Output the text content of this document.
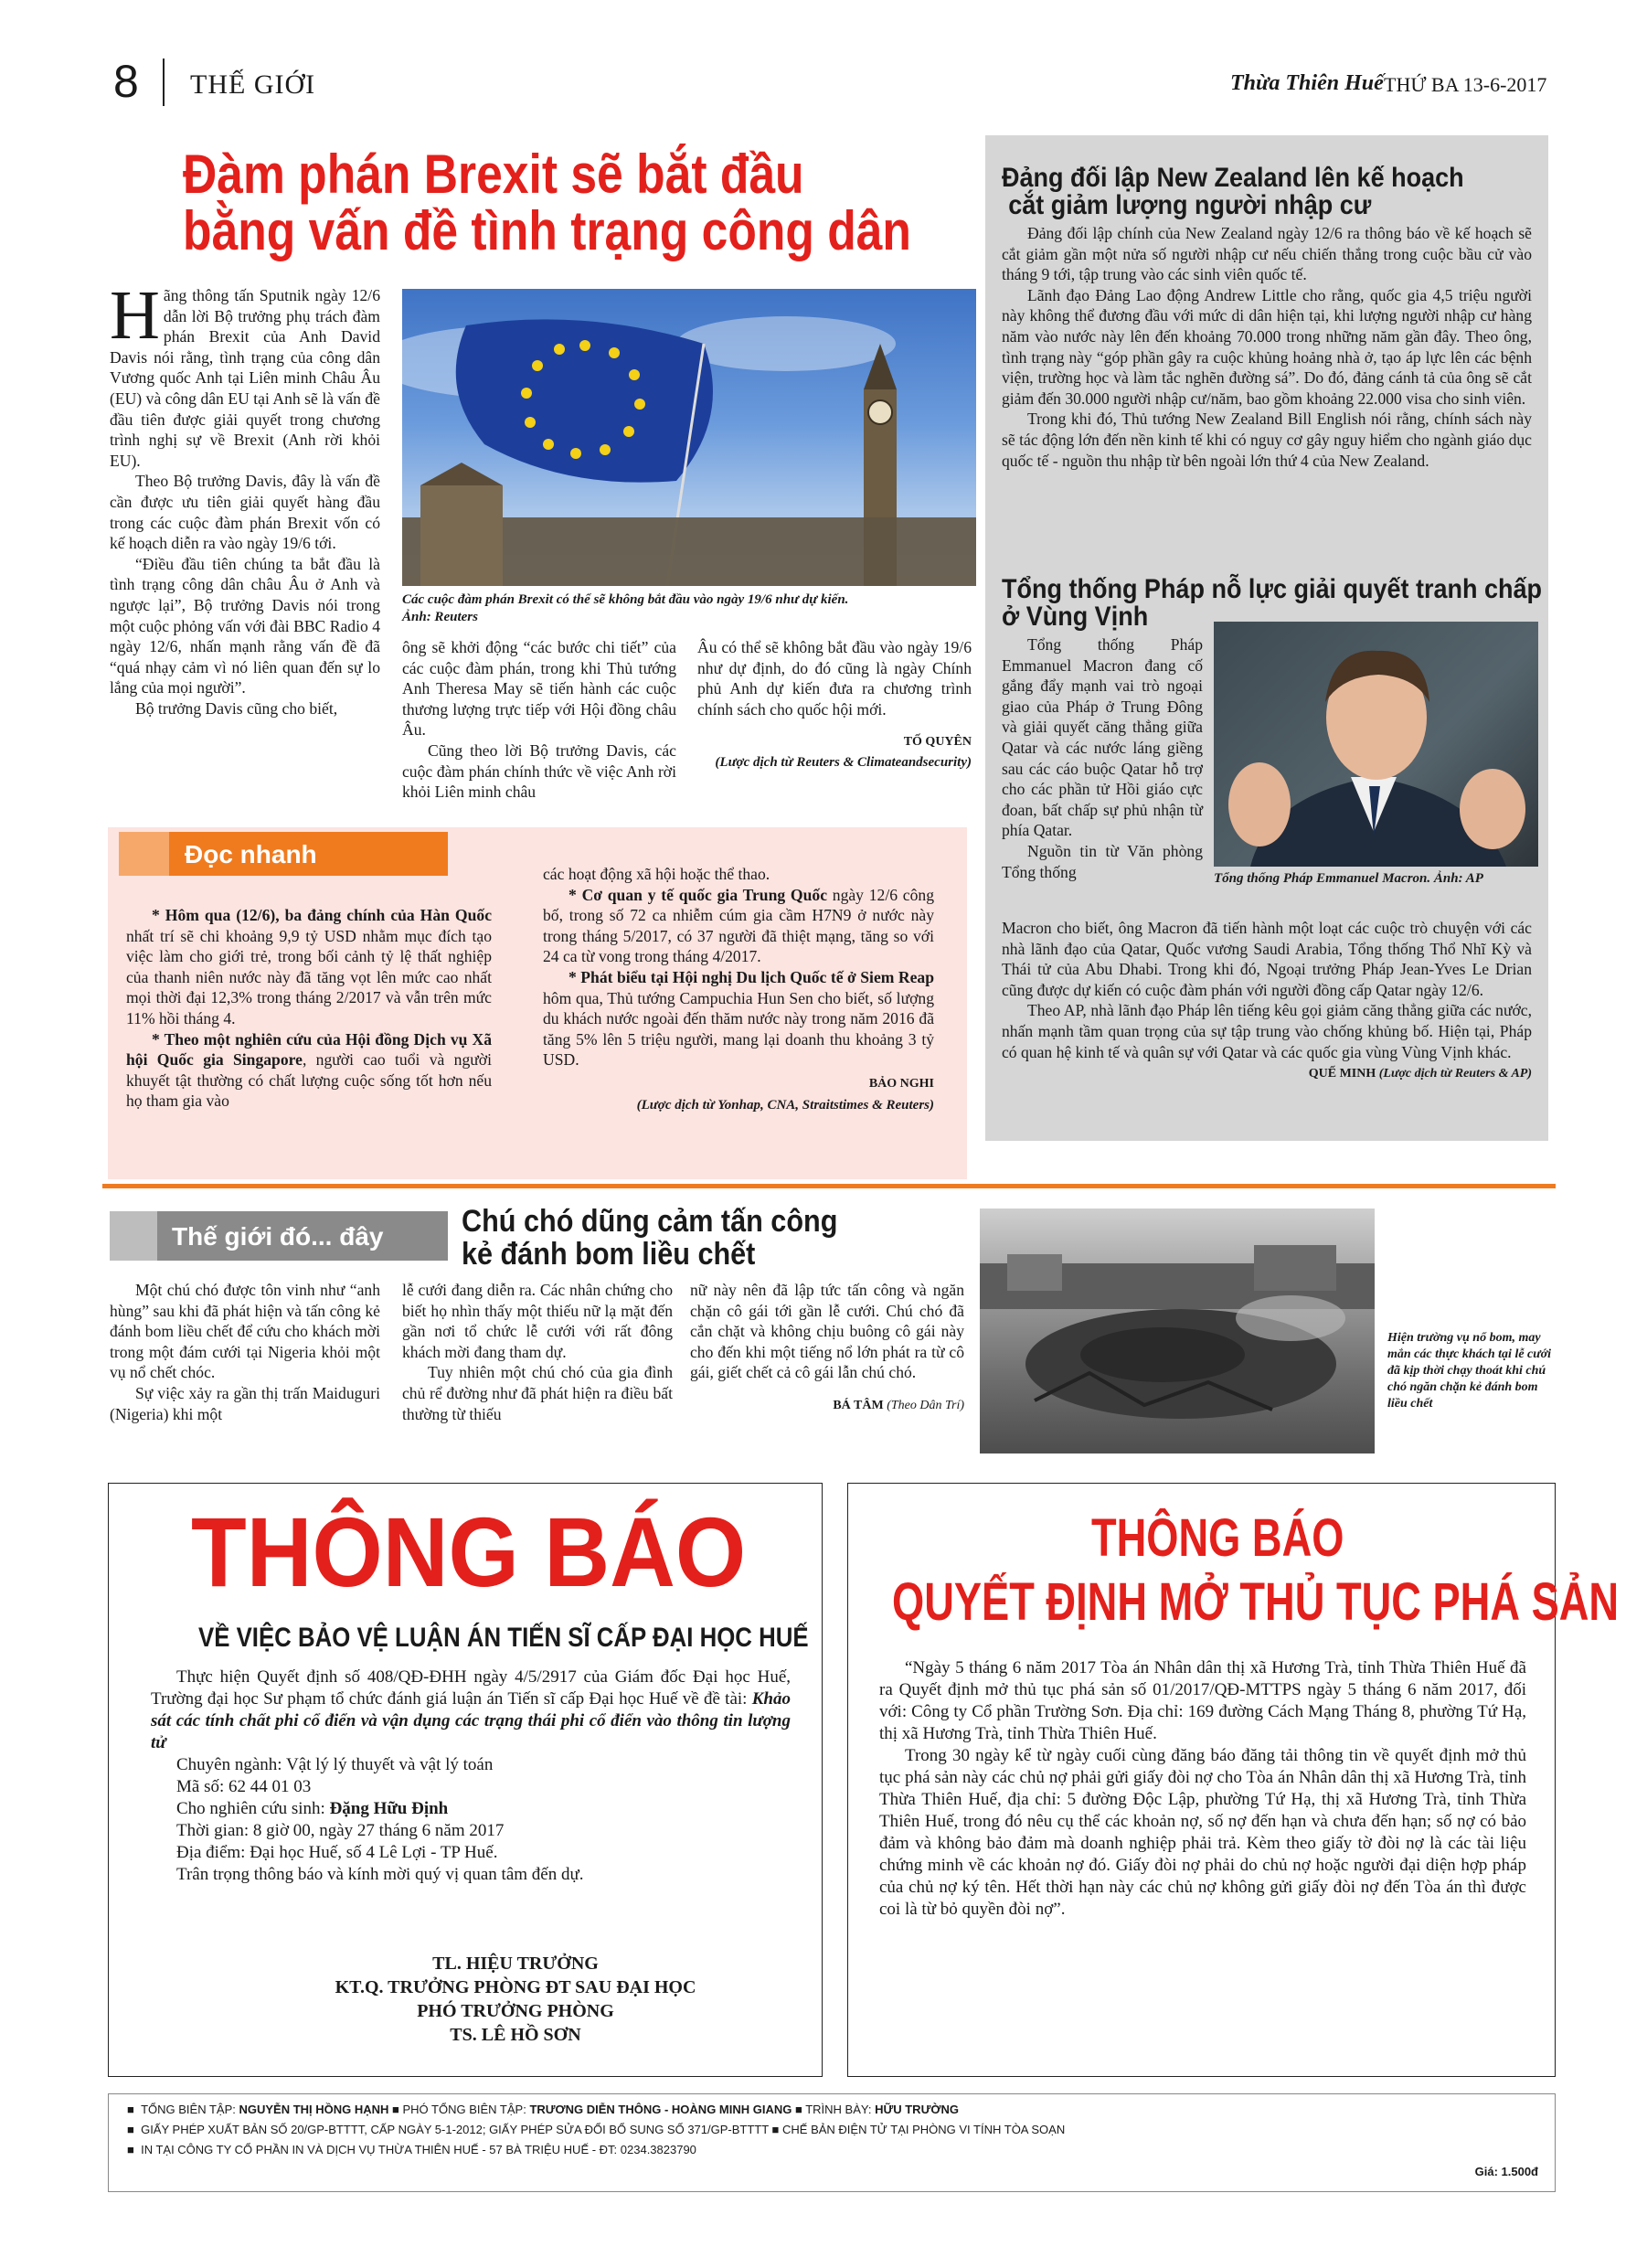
8 THẾ GIỚI	Thừa Thiên Huế THỨ BA 13-6-2017
Đàm phán Brexit sẽ bắt đầu
bằng vấn đề tình trạng công dân

Hãng thông tấn Sputnik ngày 12/6 dẫn lời Bộ trưởng phụ trách đàm phán Brexit của Anh David Davis nói rằng, tình trạng của công dân Vương quốc Anh tại Liên minh Châu Âu (EU) và công dân EU tại Anh sẽ là vấn đề đầu tiên được giải quyết trong chương trình nghị sự về Brexit (Anh rời khỏi EU).

Theo Bộ trưởng Davis, đây là vấn đề cần được ưu tiên giải quyết hàng đầu trong các cuộc đàm phán Brexit vốn có kế hoạch diễn ra vào ngày 19/6 tới.

“Điều đầu tiên chúng ta bắt đầu là tình trạng công dân châu Âu ở Anh và ngược lại”, Bộ trưởng Davis nói trong một cuộc phỏng vấn với đài BBC Radio 4 ngày 12/6, nhấn mạnh rằng vấn đề đã “quá nhạy cảm vì nó liên quan đến sự lo lắng của mọi người”.

Bộ trưởng Davis cũng cho biết,

Các cuộc đàm phán Brexit có thể sẽ không bắt đầu vào ngày 19/6 như dự kiến. Ảnh: Reuters

ông sẽ khởi động “các bước chi tiết” của các cuộc đàm phán, trong khi Thủ tướng Anh Theresa May sẽ tiến hành các cuộc thương lượng trực tiếp với Hội đồng châu Âu.

Cũng theo lời Bộ trưởng Davis, các cuộc đàm phán chính thức về việc Anh rời khỏi Liên minh châu

Âu có thể sẽ không bắt đầu vào ngày 19/6 như dự định, do đó cũng là ngày Chính phủ Anh dự kiến đưa ra chương trình chính sách cho quốc hội mới.

TỐ QUYÊN
(Lược dịch từ Reuters & Climateandsecurity)
Đảng đối lập New Zealand lên kế hoạch
cắt giảm lượng người nhập cư

Đảng đối lập chính của New Zealand ngày 12/6 ra thông báo về kế hoạch sẽ cắt giảm gần một nửa số người nhập cư nếu chiến thắng trong cuộc bầu cử vào tháng 9 tới, tập trung vào các sinh viên quốc tế.

Lãnh đạo Đảng Lao động Andrew Little cho rằng, quốc gia 4,5 triệu người này không thể đương đầu với mức di dân hiện tại, khi lượng người nhập cư hàng năm vào nước này lên đến khoảng 70.000 trong những năm gần đây. Theo ông, tình trạng này “góp phần gây ra cuộc khủng hoảng nhà ở, tạo áp lực lên các bệnh viện, trường học và làm tắc nghẽn đường sá”. Do đó, đảng cánh tả của ông sẽ cắt giảm đến 30.000 người nhập cư/năm, bao gồm khoảng 22.000 visa cho sinh viên.

Trong khi đó, Thủ tướng New Zealand Bill English nói rằng, chính sách này sẽ tác động lớn đến nền kinh tế khi có nguy cơ gây nguy hiểm cho ngành giáo dục quốc tế - nguồn thu nhập từ bên ngoài lớn thứ 4 của New Zealand.

Tổng thống Pháp nỗ lực giải quyết tranh chấp
ở Vùng Vịnh

Tổng thống Pháp Emmanuel Macron đang cố gắng đẩy mạnh vai trò ngoại giao của Pháp ở Trung Đông và giải quyết căng thẳng giữa Qatar và các nước láng giềng sau các cáo buộc Qatar hỗ trợ cho các phần tử Hồi giáo cực đoan, bất chấp sự phủ nhận từ phía Qatar.

Nguồn tin từ Văn phòng Tổng thống	Tổng thống Pháp Emmanuel Macron. Ảnh: AP

Macron cho biết, ông Macron đã tiến hành một loạt các cuộc trò chuyện với các nhà lãnh đạo của Qatar, Quốc vương Saudi Arabia, Tổng thống Thổ Nhĩ Kỳ và Thái tử của Abu Dhabi. Trong khi đó, Ngoại trưởng Pháp Jean-Yves Le Drian cũng được dự kiến có cuộc đàm phán với người đồng cấp Qatar ngày 12/6.

Theo AP, nhà lãnh đạo Pháp lên tiếng kêu gọi giảm căng thẳng giữa các nước, nhấn mạnh tầm quan trọng của sự tập trung vào chống khủng bố. Hiện tại, Pháp có quan hệ kinh tế và quân sự với Qatar và các quốc gia vùng Vùng Vịnh khác.

QUẾ MINH (Lược dịch từ Reuters & AP)
Đọc nhanh

* Hôm qua (12/6), ba đảng chính của Hàn Quốc nhất trí sẽ chi khoảng 9,9 tỷ USD nhằm mục đích tạo việc làm cho giới trẻ, trong bối cảnh tỷ lệ thất nghiệp của thanh niên nước này đã tăng vọt lên mức cao nhất mọi thời đại 12,3% trong tháng 2/2017 và vẫn trên mức 11% hồi tháng 4.

* Theo một nghiên cứu của Hội đồng Dịch vụ Xã hội Quốc gia Singapore, người cao tuổi và người khuyết tật thường có chất lượng cuộc sống tốt hơn nếu họ tham gia vào

các hoạt động xã hội hoặc thể thao.

* Cơ quan y tế quốc gia Trung Quốc ngày 12/6 công bố, trong số 72 ca nhiễm cúm gia cầm H7N9 ở nước này trong tháng 5/2017, có 37 người đã thiệt mạng, tăng so với 24 ca từ vong trong tháng 4/2017.

* Phát biểu tại Hội nghị Du lịch Quốc tế ở Siem Reap hôm qua, Thủ tướng Campuchia Hun Sen cho biết, số lượng du khách nước ngoài đến thăm nước này trong năm 2016 đã tăng 5% lên 5 triệu người, mang lại doanh thu khoảng 3 tỷ USD.

BẢO NGHI
(Lược dịch từ Yonhap, CNA, Straitstimes & Reuters)
Thế giới đó... đây	Chú chó dũng cảm tấn công
kẻ đánh bom liều chết

Một chú chó được tôn vinh như “anh hùng” sau khi đã phát hiện và tấn công kẻ đánh bom liều chết để cứu cho khách mời trong một đám cưới tại Nigeria khỏi một vụ nổ chết chóc.

Sự việc xảy ra gần thị trấn Maiduguri (Nigeria) khi một

lễ cưới đang diễn ra. Các nhân chứng cho biết họ nhìn thấy một thiếu nữ lạ mặt đến gần nơi tổ chức lễ cưới với rất đông khách mời đang tham dự.

Tuy nhiên một chú chó của gia đình chủ rể đường như đã phát hiện ra điều bất thường từ thiếu

nữ này nên đã lập tức tấn công và ngăn chặn cô gái tới gần lễ cưới. Chú chó đã cắn chặt và không chịu buông cô gái này cho đến khi một tiếng nổ lớn phát ra từ cô gái, giết chết cả cô gái lẫn chú chó.

BÁ TÂM (Theo Dân Trí)
Hiện trường vụ nổ bom, may mắn các thực khách tại lễ cưới đã kịp thời chạy thoát khi chú chó ngăn chặn kẻ đánh bom liều chết
THÔNG BÁO
VỀ VIỆC BẢO VỆ LUẬN ÁN TIẾN SĨ CẤP ĐẠI HỌC HUẾ

Thực hiện Quyết định số 408/QĐ-ĐHH ngày 4/5/2917 của Giám đốc Đại học Huế, Trường đại học Sư phạm tổ chức đánh giá luận án Tiến sĩ cấp Đại học Huế về đề tài: Khảo sát các tính chất phi cổ điển và vận dụng các trạng thái phi cổ điển vào thông tin lượng tử

Chuyên ngành: Vật lý lý thuyết và vật lý toán

Mã số: 62 44 01 03

Cho nghiên cứu sinh: Đặng Hữu Định

Thời gian: 8 giờ 00, ngày 27 tháng 6 năm 2017

Địa điểm: Đại học Huế, số 4 Lê Lợi - TP Huế.

Trân trọng thông báo và kính mời quý vị quan tâm đến dự.

TL. HIỆU TRƯỞNG
KT.Q. TRƯỞNG PHÒNG ĐT SAU ĐẠI HỌC
PHÓ TRƯỞNG PHÒNG
TS. LÊ HỒ SƠN
THÔNG BÁO
QUYẾT ĐỊNH MỞ THỦ TỤC PHÁ SẢN

“Ngày 5 tháng 6 năm 2017 Tòa án Nhân dân thị xã Hương Trà, tỉnh Thừa Thiên Huế đã ra Quyết định mở thủ tục phá sản số 01/2017/QĐ-MTTPS ngày 5 tháng 6 năm 2017, đối với: Công ty Cổ phần Trường Sơn. Địa chỉ: 169 đường Cách Mạng Tháng 8, phường Tứ Hạ, thị xã Hương Trà, tỉnh Thừa Thiên Huế.

Trong 30 ngày kể từ ngày cuối cùng đăng báo đăng tải thông tin về quyết định mở thủ tục phá sản này các chủ nợ phải gửi giấy đòi nợ cho Tòa án Nhân dân thị xã Hương Trà, tỉnh Thừa Thiên Huế, địa chỉ: 5 đường Độc Lập, phường Tứ Hạ, thị xã Hương Trà, tỉnh Thừa Thiên Huế, trong đó nêu cụ thể các khoản nợ, số nợ đến hạn và chưa đến hạn; số nợ có bảo đảm và không bảo đảm mà doanh nghiệp phải trả. Kèm theo giấy tờ đòi nợ là các tài liệu chứng minh về các khoản nợ đó. Giấy đòi nợ phải do chủ nợ hoặc người đại diện hợp pháp của chủ nợ ký tên. Hết thời hạn này các chủ nợ không gửi giấy đòi nợ đến Tòa án thì được coi là từ bỏ quyền đòi nợ”.

■  TỔNG BIÊN TẬP: NGUYỄN THỊ HỒNG HẠNH ■ PHÓ TỔNG BIÊN TẬP: TRƯƠNG DIỄN THÔNG - HOÀNG MINH GIANG ■ TRÌNH BÀY: HỮU TRƯỜNG
■  GIẤY PHÉP XUẤT BẢN SỐ 20/GP-BTTTT, CẤP NGÀY 5-1-2012; GIẤY PHÉP SỬA ĐỔI BỔ SUNG SỐ 371/GP-BTTTT ■ CHẾ BẢN ĐIỆN TỬ TẠI PHÒNG VI TÍNH TÒA SOẠN
■  IN TẠI CÔNG TY CỔ PHẦN IN VÀ DỊCH VỤ THỪA THIÊN HUẾ - 57 BÀ TRIỆU HUẾ - ĐT: 0234.3823790
Giá: 1.500đ
